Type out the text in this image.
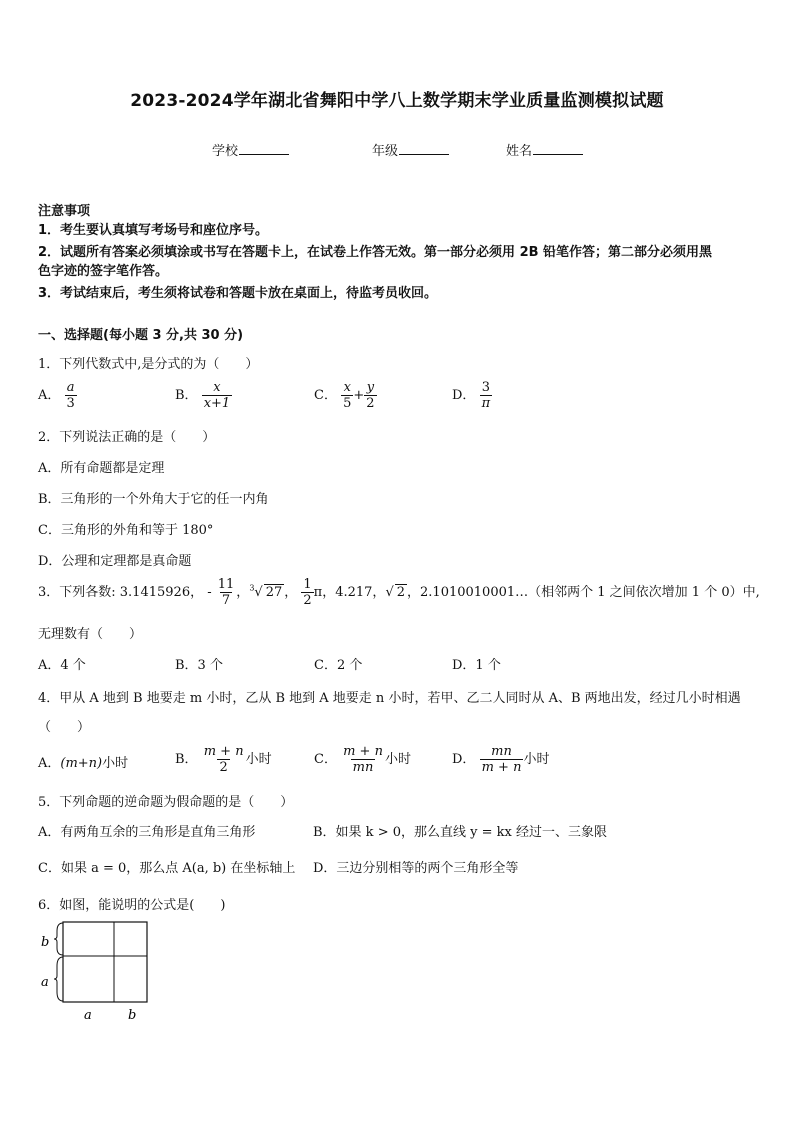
2023-2024学年湖北省舞阳中学八上数学期末学业质量监测模拟试题
学校	年级	姓名
注意事项
1．考生要认真填写考场号和座位序号。
2．试题所有答案必须填涂或书写在答题卡上，在试卷上作答无效。第一部分必须用 2B 铅笔作答；第二部分必须用黑
色字迹的签字笔作答。
3．考试结束后，考生须将试卷和答题卡放在桌面上，待监考员收回。
一、选择题(每小题 3 分,共 30 分)
1．下列代数式中,是分式的为（　　）
A． $\frac{a}{3}$	B． $\frac{x}{x+1}$	C． $\frac{x}{5} + \frac{y}{2}$	D． $\frac{3}{\pi}$
2．下列说法正确的是（　　）
A．所有命题都是定理
B．三角形的一个外角大于它的任一内角
C．三角形的外角和等于 180°
D．公理和定理都是真命题
3．下列各数: 3.1415926， - $\frac{11}{7}$ ，$^3$√ 27 ， $\frac{1}{2}$ π，4.217，√ 2 ，2.1010010001…（相邻两个 1 之间依次增加 1 个 0）中,
无理数有（　　）
A．4 个	B．3 个	C．2 个	D．1 个
4．甲从 A 地到 B 地要走 m 小时，乙从 B 地到 A 地要走 n 小时，若甲、乙二人同时从 A、B 两地出发，经过几小时相遇
（　　）
A．(m+n)小时	B． $\frac{m + n}{2}$ 小时	C． $\frac{m + n}{mn}$ 小时	D． $\frac{mn}{m + n}$ 小时
5．下列命题的逆命题为假命题的是（　　）
A．有两角互余的三角形是直角三角形	B．如果 k > 0，那么直线 y = kx 经过一、三象限
C．如果 a = 0，那么点 A(a, b) 在坐标轴上 D．三边分别相等的两个三角形全等
6．如图，能说明的公式是(　　)
b
a
a	b
